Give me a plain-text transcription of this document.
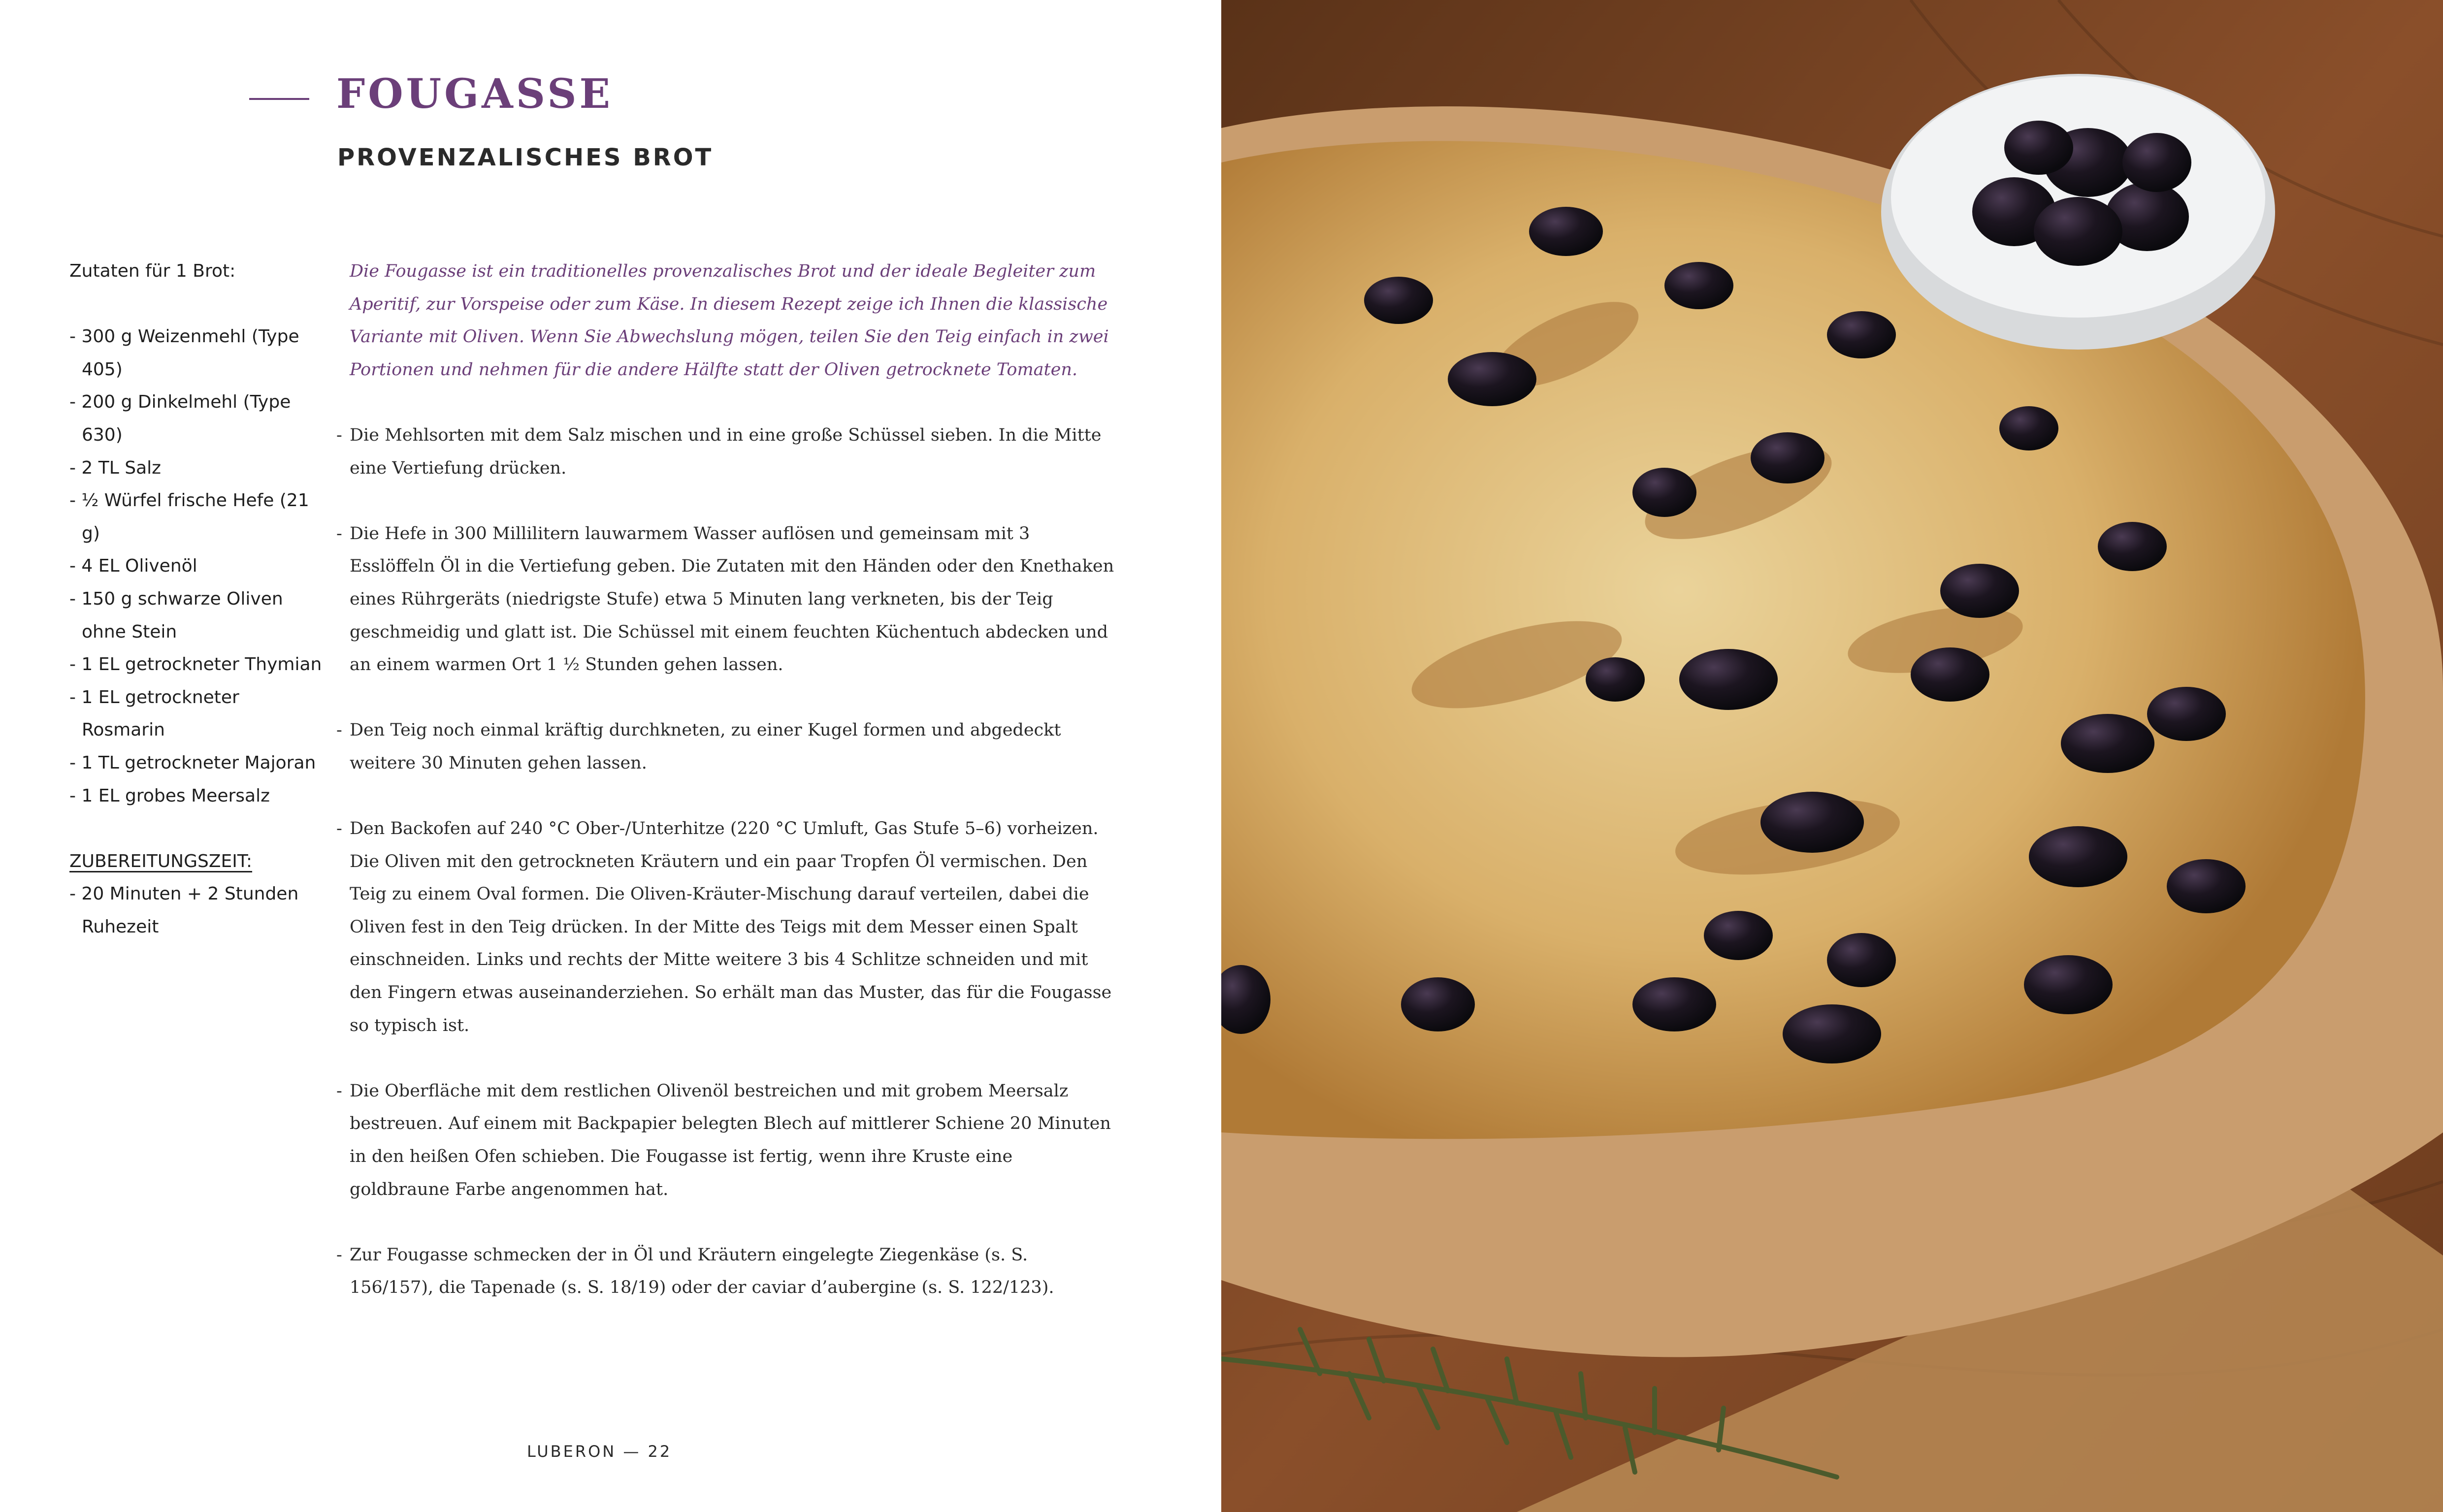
FOUGASSE
PROVENZALISCHES BROT

Zutaten für 1 Brot:

- 300 g Weizenmehl (Type 405)
- 200 g Dinkelmehl (Type 630)
- 2 TL Salz
- ½ Würfel frische Hefe (21 g)
- 4 EL Olivenöl
- 150 g schwarze Oliven ohne Stein
- 1 EL getrockneter Thymian
- 1 EL getrockneter Rosmarin
- 1 TL getrockneter Majoran
- 1 EL grobes Meersalz

ZUBEREITUNGSZEIT:

- 20 Minuten + 2 Stunden Ruhezeit

Die Fougasse ist ein traditionelles provenzalisches Brot und der ideale Begleiter zum Aperitif, zur Vorspeise oder zum Käse. In diesem Rezept zeige ich Ihnen die klassische Variante mit Oliven. Wenn Sie Abwechslung mögen, teilen Sie den Teig einfach in zwei Portionen und nehmen für die andere Hälfte statt der Oliven getrocknete Tomaten.

- Die Mehlsorten mit dem Salz mischen und in eine große Schüssel sieben. In die Mitte eine Vertiefung drücken.
- Die Hefe in 300 Millilitern lauwarmem Wasser auflösen und gemeinsam mit 3 Esslöffeln Öl in die Vertiefung geben. Die Zutaten mit den Händen oder den Knethaken eines Rührgeräts (niedrigste Stufe) etwa 5 Minuten lang verkneten, bis der Teig geschmeidig und glatt ist. Die Schüssel mit einem feuchten Küchentuch abdecken und an einem warmen Ort 1 ½ Stunden gehen lassen.
- Den Teig noch einmal kräftig durchkneten, zu einer Kugel formen und abgedeckt weitere 30 Minuten gehen lassen.
- Den Backofen auf 240 °C Ober-/Unterhitze (220 °C Umluft, Gas Stufe 5–6) vorheizen. Die Oliven mit den getrockneten Kräutern und ein paar Tropfen Öl vermischen. Den Teig zu einem Oval formen. Die Oliven-Kräuter-Mischung darauf verteilen, dabei die Oliven fest in den Teig drücken. In der Mitte des Teigs mit dem Messer einen Spalt einschneiden. Links und rechts der Mitte weitere 3 bis 4 Schlitze schneiden und mit den Fingern etwas auseinanderziehen. So erhält man das Muster, das für die Fougasse so typisch ist.
- Die Oberfläche mit dem restlichen Olivenöl bestreichen und mit grobem Meersalz bestreuen. Auf einem mit Backpapier belegten Blech auf mittlerer Schiene 20 Minuten in den heißen Ofen schieben. Die Fougasse ist fertig, wenn ihre Kruste eine goldbraune Farbe angenommen hat.
- Zur Fougasse schmecken der in Öl und Kräutern eingelegte Ziegenkäse (s. S. 156/157), die Tapenade (s. S. 18/19) oder der caviar d’aubergine (s. S. 122/123).

LUBERON — 22
